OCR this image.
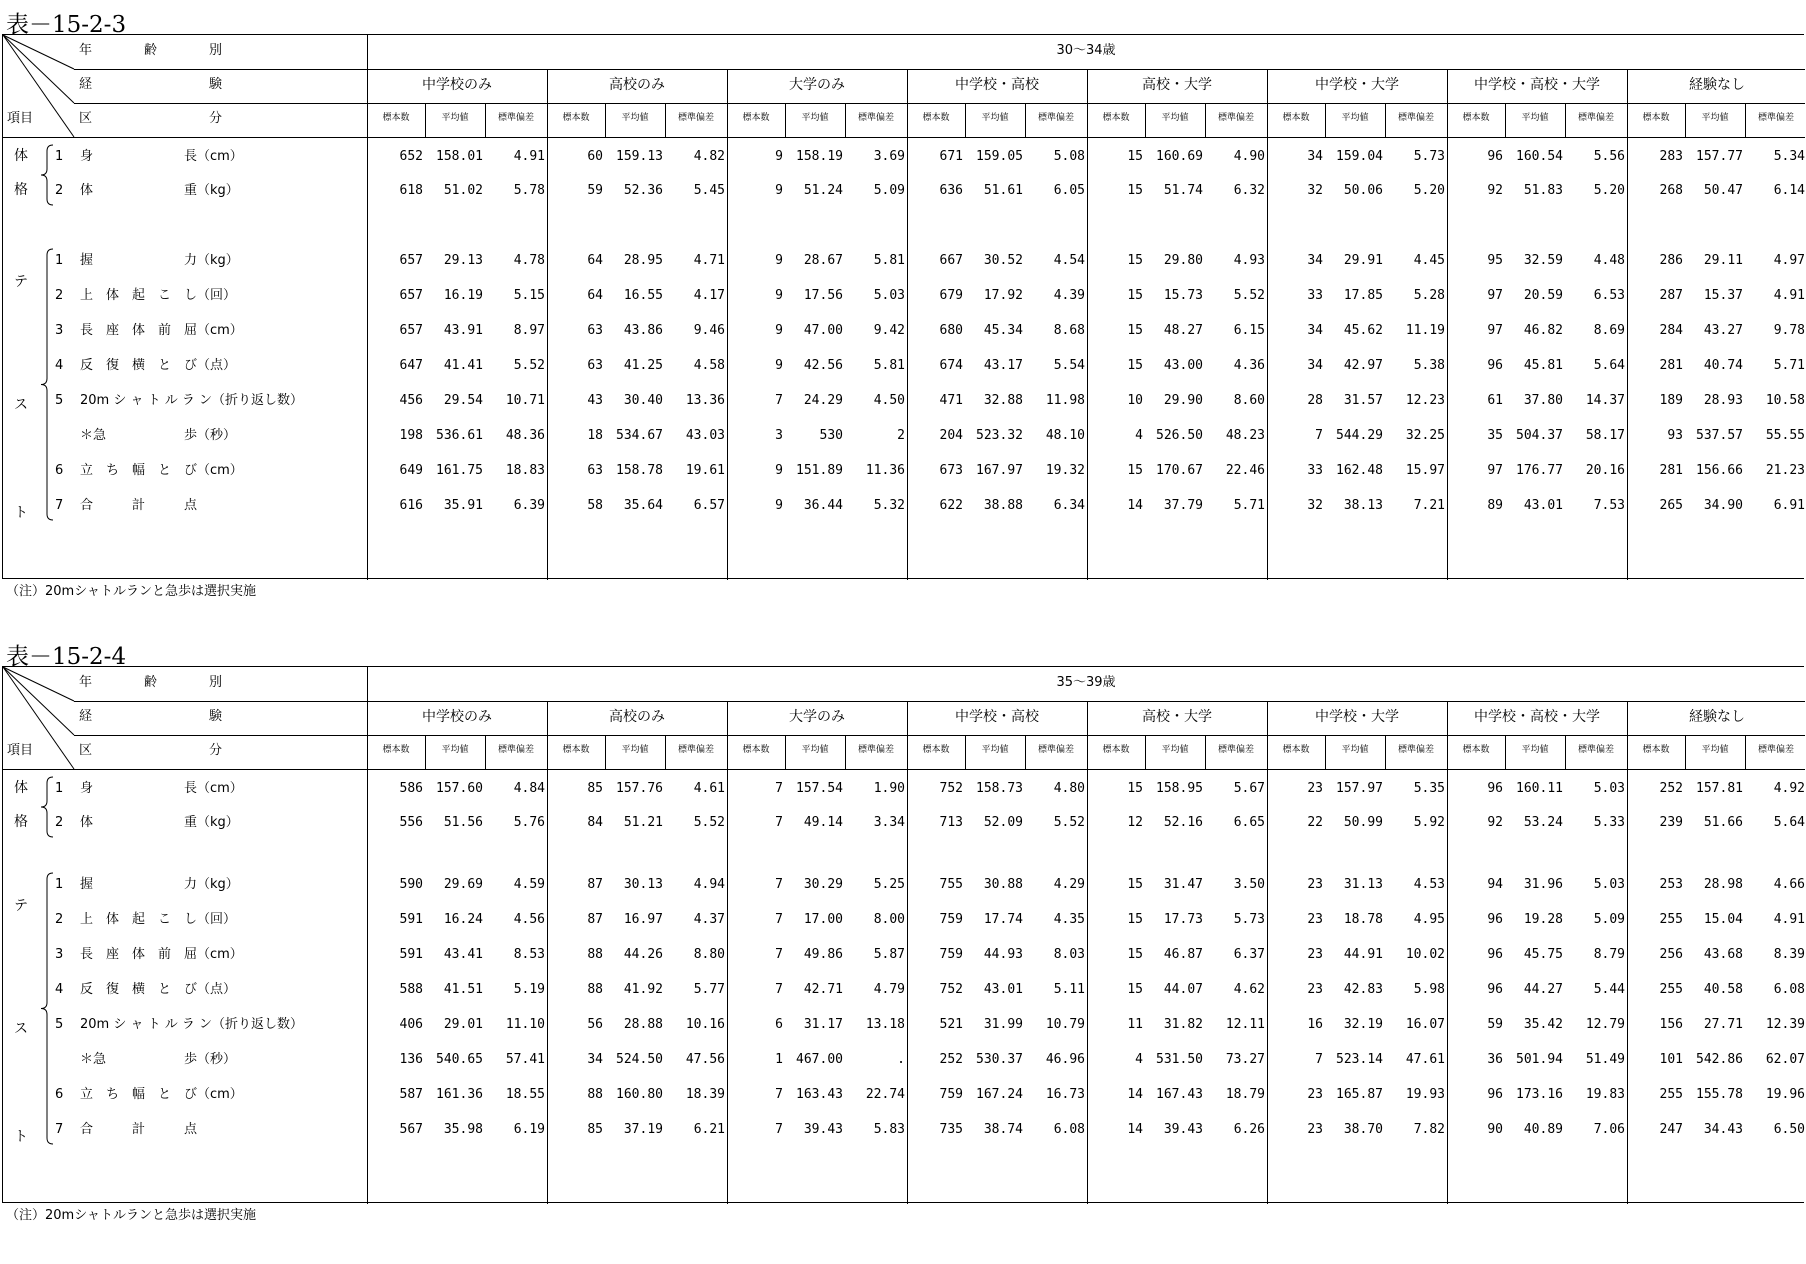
表－15-2-3
年　　　　齢　　　　別
経　　　　　　　　　験
区　　　　　　　　　分
項目
30～34歳
中学校のみ
標本数	平均値	標準偏差
高校のみ
標本数	平均値	標準偏差
大学のみ
標本数	平均値	標準偏差
中学校・高校
標本数	平均値	標準偏差
高校・大学
標本数	平均値	標準偏差
中学校・大学
標本数	平均値	標準偏差
中学校・高校・大学
標本数	平均値	標準偏差
経験なし
標本数	平均値	標準偏差
体
格
テ
ス
ト
1	身　　　　　　　長（cm）	652	158.01	4.91	60	159.13	4.82	9	158.19	3.69	671	159.05	5.08	15	160.69	4.90	34	159.04	5.73	96	160.54	5.56	283	157.77	5.34
2	体　　　　　　　重（kg）	618	51.02	5.78	59	52.36	5.45	9	51.24	5.09	636	51.61	6.05	15	51.74	6.32	32	50.06	5.20	92	51.83	5.20	268	50.47	6.14
1	握　　　　　　　力（kg）	657	29.13	4.78	64	28.95	4.71	9	28.67	5.81	667	30.52	4.54	15	29.80	4.93	34	29.91	4.45	95	32.59	4.48	286	29.11	4.97
2	上　体　起　こ　し（回）	657	16.19	5.15	64	16.55	4.17	9	17.56	5.03	679	17.92	4.39	15	15.73	5.52	33	17.85	5.28	97	20.59	6.53	287	15.37	4.91
3	長　座　体　前　屈（cm）	657	43.91	8.97	63	43.86	9.46	9	47.00	9.42	680	45.34	8.68	15	48.27	6.15	34	45.62	11.19	97	46.82	8.69	284	43.27	9.78
4	反　復　横　と　び（点）	647	41.41	5.52	63	41.25	4.58	9	42.56	5.81	674	43.17	5.54	15	43.00	4.36	34	42.97	5.38	96	45.81	5.64	281	40.74	5.71
5	20m シ ャ ト ル ラ ン（折り返し数）	456	29.54	10.71	43	30.40	13.36	7	24.29	4.50	471	32.88	11.98	10	29.90	8.60	28	31.57	12.23	61	37.80	14.37	189	28.93	10.58
＊急　　　　　　歩（秒）	198	536.61	48.36	18	534.67	43.03	3	530	2	204	523.32	48.10	4	526.50	48.23	7	544.29	32.25	35	504.37	58.17	93	537.57	55.55
6	立　ち　幅　と　び（cm）	649	161.75	18.83	63	158.78	19.61	9	151.89	11.36	673	167.97	19.32	15	170.67	22.46	33	162.48	15.97	97	176.77	20.16	281	156.66	21.23
7	合　　　計　　　点	616	35.91	6.39	58	35.64	6.57	9	36.44	5.32	622	38.88	6.34	14	37.79	5.71	32	38.13	7.21	89	43.01	7.53	265	34.90	6.91
（注）20mシャトルランと急歩は選択実施
表－15-2-4
年　　　　齢　　　　別
経　　　　　　　　　験
区　　　　　　　　　分
項目
35～39歳
中学校のみ
標本数	平均値	標準偏差
高校のみ
標本数	平均値	標準偏差
大学のみ
標本数	平均値	標準偏差
中学校・高校
標本数	平均値	標準偏差
高校・大学
標本数	平均値	標準偏差
中学校・大学
標本数	平均値	標準偏差
中学校・高校・大学
標本数	平均値	標準偏差
経験なし
標本数	平均値	標準偏差
体
格
テ
ス
ト
1	身　　　　　　　長（cm）	586	157.60	4.84	85	157.76	4.61	7	157.54	1.90	752	158.73	4.80	15	158.95	5.67	23	157.97	5.35	96	160.11	5.03	252	157.81	4.92
2	体　　　　　　　重（kg）	556	51.56	5.76	84	51.21	5.52	7	49.14	3.34	713	52.09	5.52	12	52.16	6.65	22	50.99	5.92	92	53.24	5.33	239	51.66	5.64
1	握　　　　　　　力（kg）	590	29.69	4.59	87	30.13	4.94	7	30.29	5.25	755	30.88	4.29	15	31.47	3.50	23	31.13	4.53	94	31.96	5.03	253	28.98	4.66
2	上　体　起　こ　し（回）	591	16.24	4.56	87	16.97	4.37	7	17.00	8.00	759	17.74	4.35	15	17.73	5.73	23	18.78	4.95	96	19.28	5.09	255	15.04	4.91
3	長　座　体　前　屈（cm）	591	43.41	8.53	88	44.26	8.80	7	49.86	5.87	759	44.93	8.03	15	46.87	6.37	23	44.91	10.02	96	45.75	8.79	256	43.68	8.39
4	反　復　横　と　び（点）	588	41.51	5.19	88	41.92	5.77	7	42.71	4.79	752	43.01	5.11	15	44.07	4.62	23	42.83	5.98	96	44.27	5.44	255	40.58	6.08
5	20m シ ャ ト ル ラ ン（折り返し数）	406	29.01	11.10	56	28.88	10.16	6	31.17	13.18	521	31.99	10.79	11	31.82	12.11	16	32.19	16.07	59	35.42	12.79	156	27.71	12.39
＊急　　　　　　歩（秒）	136	540.65	57.41	34	524.50	47.56	1	467.00	.	252	530.37	46.96	4	531.50	73.27	7	523.14	47.61	36	501.94	51.49	101	542.86	62.07
6	立　ち　幅　と　び（cm）	587	161.36	18.55	88	160.80	18.39	7	163.43	22.74	759	167.24	16.73	14	167.43	18.79	23	165.87	19.93	96	173.16	19.83	255	155.78	19.96
7	合　　　計　　　点	567	35.98	6.19	85	37.19	6.21	7	39.43	5.83	735	38.74	6.08	14	39.43	6.26	23	38.70	7.82	90	40.89	7.06	247	34.43	6.50
（注）20mシャトルランと急歩は選択実施
